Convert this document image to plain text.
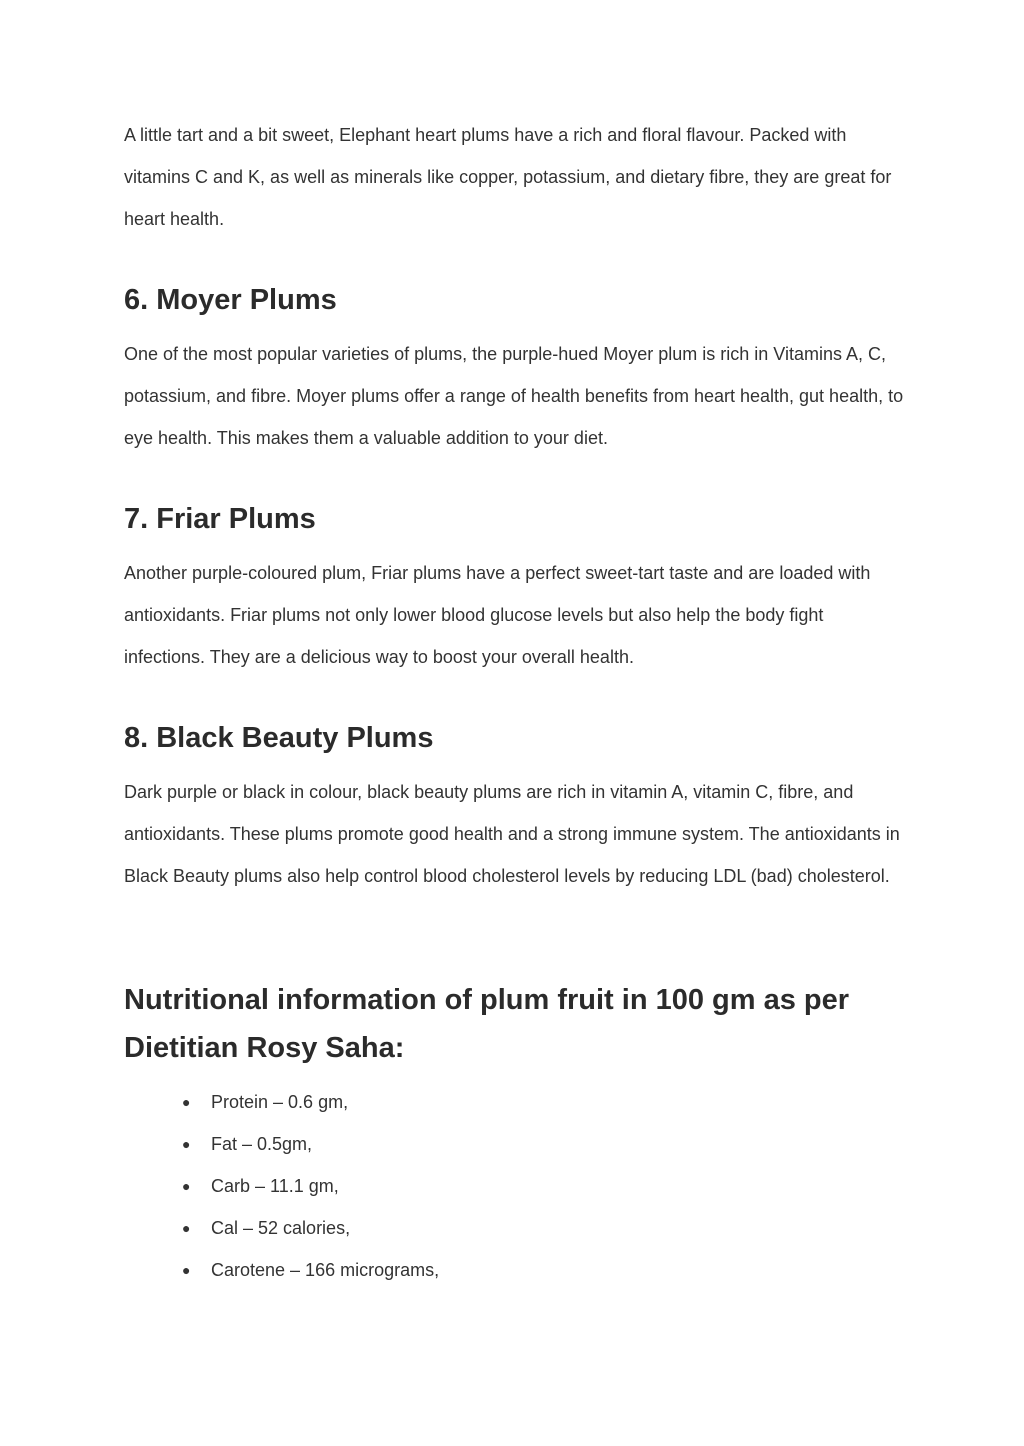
A little tart and a bit sweet, Elephant heart plums have a rich and floral flavour. Packed with vitamins C and K, as well as minerals like copper, potassium, and dietary fibre, they are great for heart health.

6. Moyer Plums

One of the most popular varieties of plums, the purple-hued Moyer plum is rich in Vitamins A, C, potassium, and fibre. Moyer plums offer a range of health benefits from heart health, gut health, to eye health. This makes them a valuable addition to your diet.

7. Friar Plums

Another purple-coloured plum, Friar plums have a perfect sweet-tart taste and are loaded with antioxidants. Friar plums not only lower blood glucose levels but also help the body fight infections. They are a delicious way to boost your overall health.

8. Black Beauty Plums

Dark purple or black in colour, black beauty plums are rich in vitamin A, vitamin C, fibre, and antioxidants. These plums promote good health and a strong immune system. The antioxidants in Black Beauty plums also help control blood cholesterol levels by reducing LDL (bad) cholesterol.

Nutritional information of plum fruit in 100 gm as per Dietitian Rosy Saha:
● Protein – 0.6 gm,
● Fat – 0.5gm,
● Carb – 11.1 gm,
● Cal – 52 calories,
● Carotene – 166 micrograms,
